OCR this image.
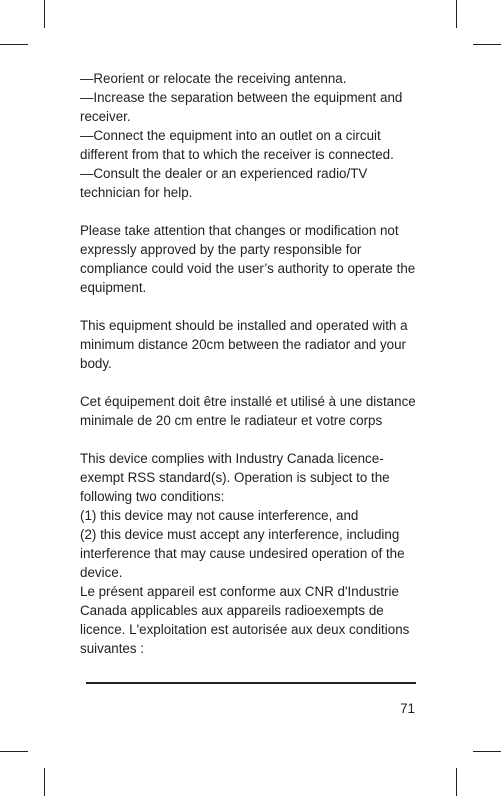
—Reorient or relocate the receiving antenna.
—Increase the separation between the equipment and receiver.
—Connect the equipment into an outlet on a circuit different from that to which the receiver is connected.
—Consult the dealer or an experienced radio/TV technician for help.

Please take attention that changes or modification not expressly approved by the party responsible for compliance could void the user’s authority to operate the equipment.

This equipment should be installed and operated with a minimum distance 20cm between the radiator and your body.

Cet équipement doit être installé et utilisé à une distance minimale de 20 cm entre le radiateur et votre corps

This device complies with Industry Canada licence-exempt RSS standard(s). Operation is subject to the following two conditions:
(1) this device may not cause interference, and
(2) this device must accept any interference, including interference that may cause undesired operation of the device.
Le présent appareil est conforme aux CNR d'Industrie Canada applicables aux appareils radioexempts de licence. L'exploitation est autorisée aux deux conditions suivantes :

71
